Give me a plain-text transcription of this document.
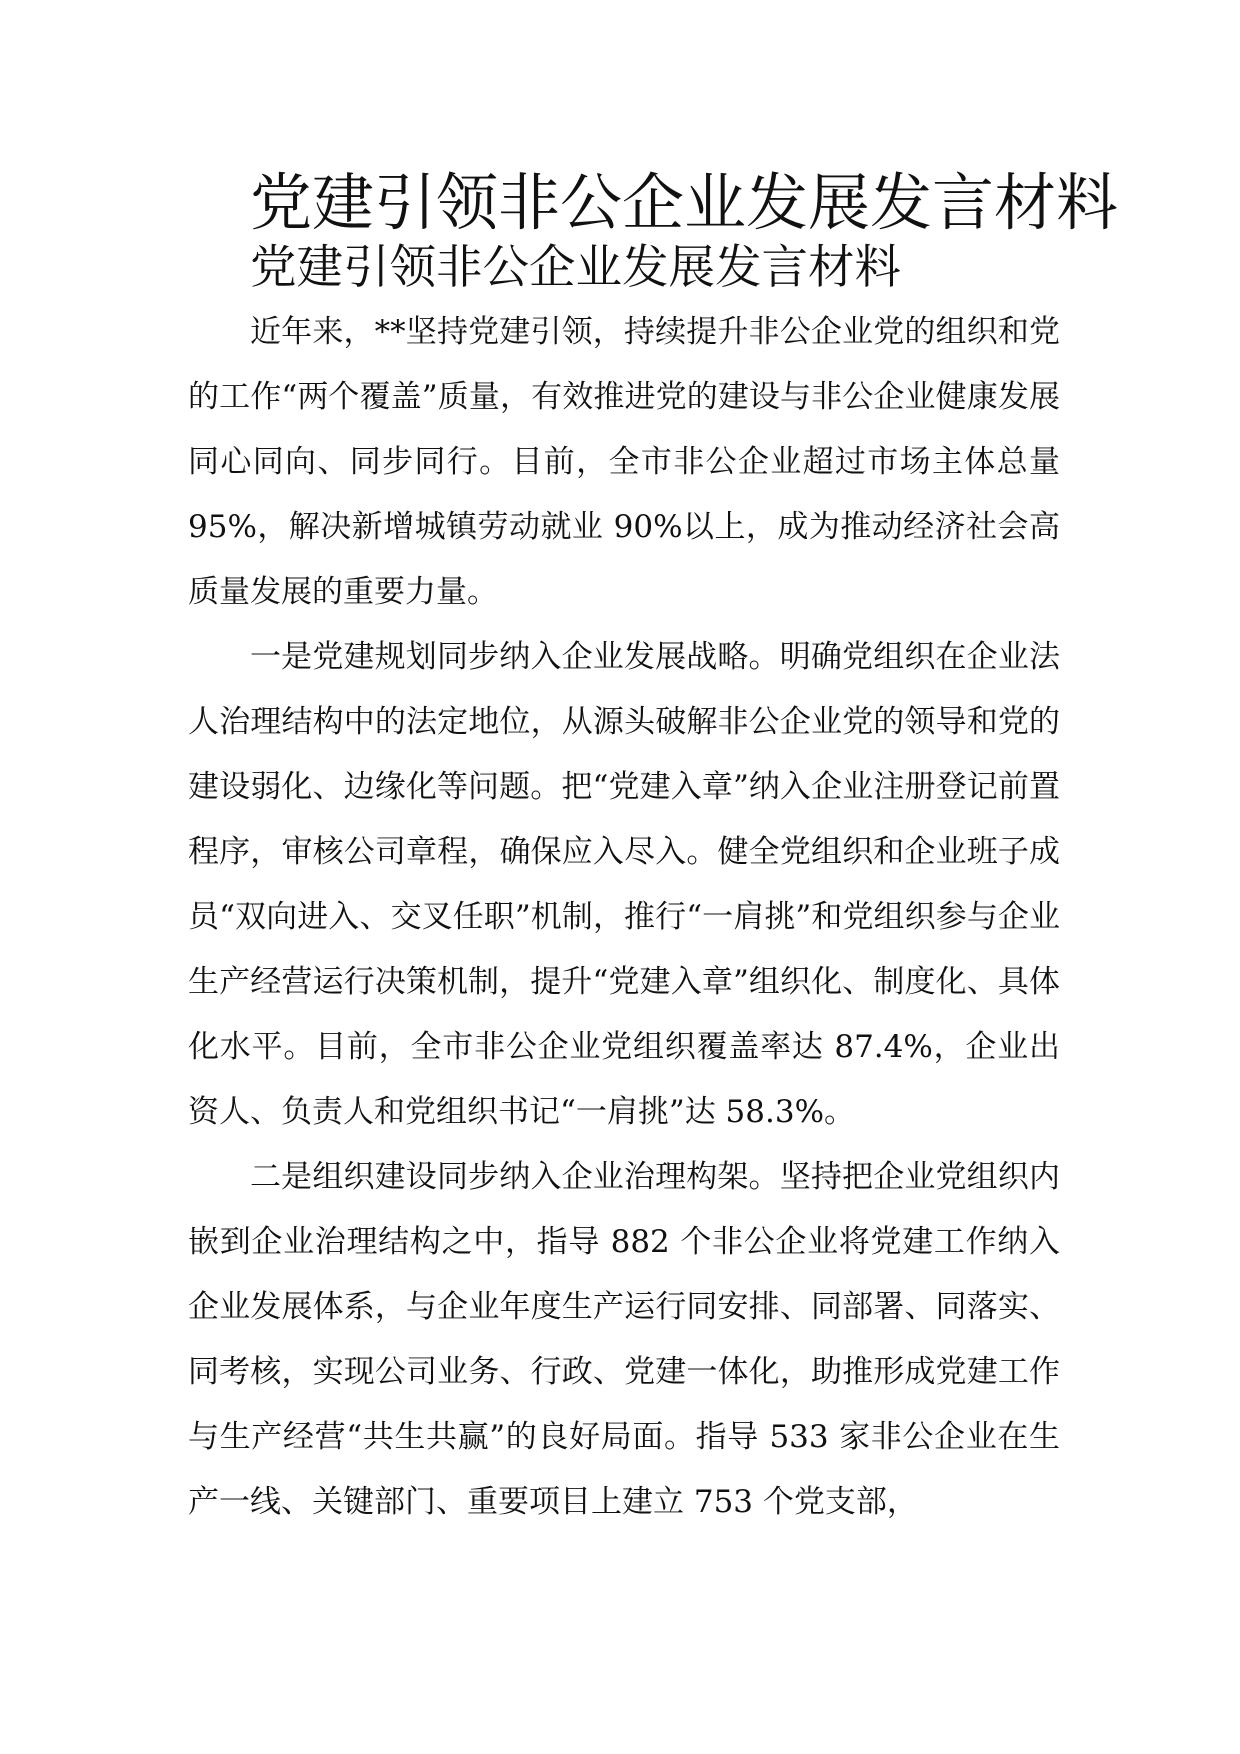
党建引领非公企业发展发言材料
党建引领非公企业发展发言材料

近年来，**坚持党建引领，持续提升非公企业党的组织和党的工作“两个覆盖”质量，有效推进党的建设与非公企业健康发展同心同向、同步同行。目前，全市非公企业超过市场主体总量 95%，解决新增城镇劳动就业 90%以上，成为推动经济社会高质量发展的重要力量。

一是党建规划同步纳入企业发展战略。明确党组织在企业法人治理结构中的法定地位，从源头破解非公企业党的领导和党的建设弱化、边缘化等问题。把“党建入章”纳入企业注册登记前置程序，审核公司章程，确保应入尽入。健全党组织和企业班子成员“双向进入、交叉任职”机制，推行“一肩挑”和党组织参与企业生产经营运行决策机制，提升“党建入章”组织化、制度化、具体化水平。目前，全市非公企业党组织覆盖率达 87.4%，企业出资人、负责人和党组织书记“一肩挑”达 58.3%。

二是组织建设同步纳入企业治理构架。坚持把企业党组织内嵌到企业治理结构之中，指导 882 个非公企业将党建工作纳入企业发展体系，与企业年度生产运行同安排、同部署、同落实、同考核，实现公司业务、行政、党建一体化，助推形成党建工作与生产经营“共生共赢”的良好局面。指导 533 家非公企业在生产一线、关键部门、重要项目上建立 753 个党支部，
